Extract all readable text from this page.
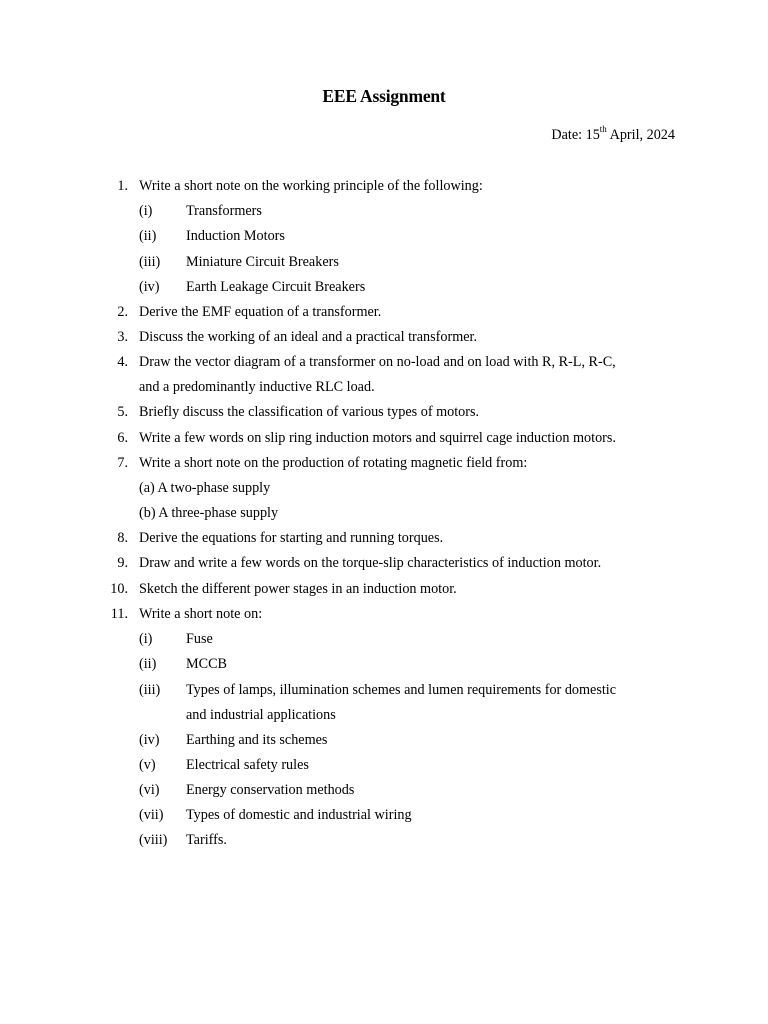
EEE Assignment
Date: 15th April, 2024
1. Write a short note on the working principle of the following:
(i) Transformers
(ii) Induction Motors
(iii) Miniature Circuit Breakers
(iv) Earth Leakage Circuit Breakers
2. Derive the EMF equation of a transformer.
3. Discuss the working of an ideal and a practical transformer.
4. Draw the vector diagram of a transformer on no-load and on load with R, R-L, R-C,
and a predominantly inductive RLC load.
5. Briefly discuss the classification of various types of motors.
6. Write a few words on slip ring induction motors and squirrel cage induction motors.
7. Write a short note on the production of rotating magnetic field from:
(a) A two-phase supply
(b) A three-phase supply
8. Derive the equations for starting and running torques.
9. Draw and write a few words on the torque-slip characteristics of induction motor.
10. Sketch the different power stages in an induction motor.
11. Write a short note on:
(i) Fuse
(ii) MCCB
(iii) Types of lamps, illumination schemes and lumen requirements for domestic
and industrial applications
(iv) Earthing and its schemes
(v) Electrical safety rules
(vi) Energy conservation methods
(vii) Types of domestic and industrial wiring
(viii) Tariffs.
